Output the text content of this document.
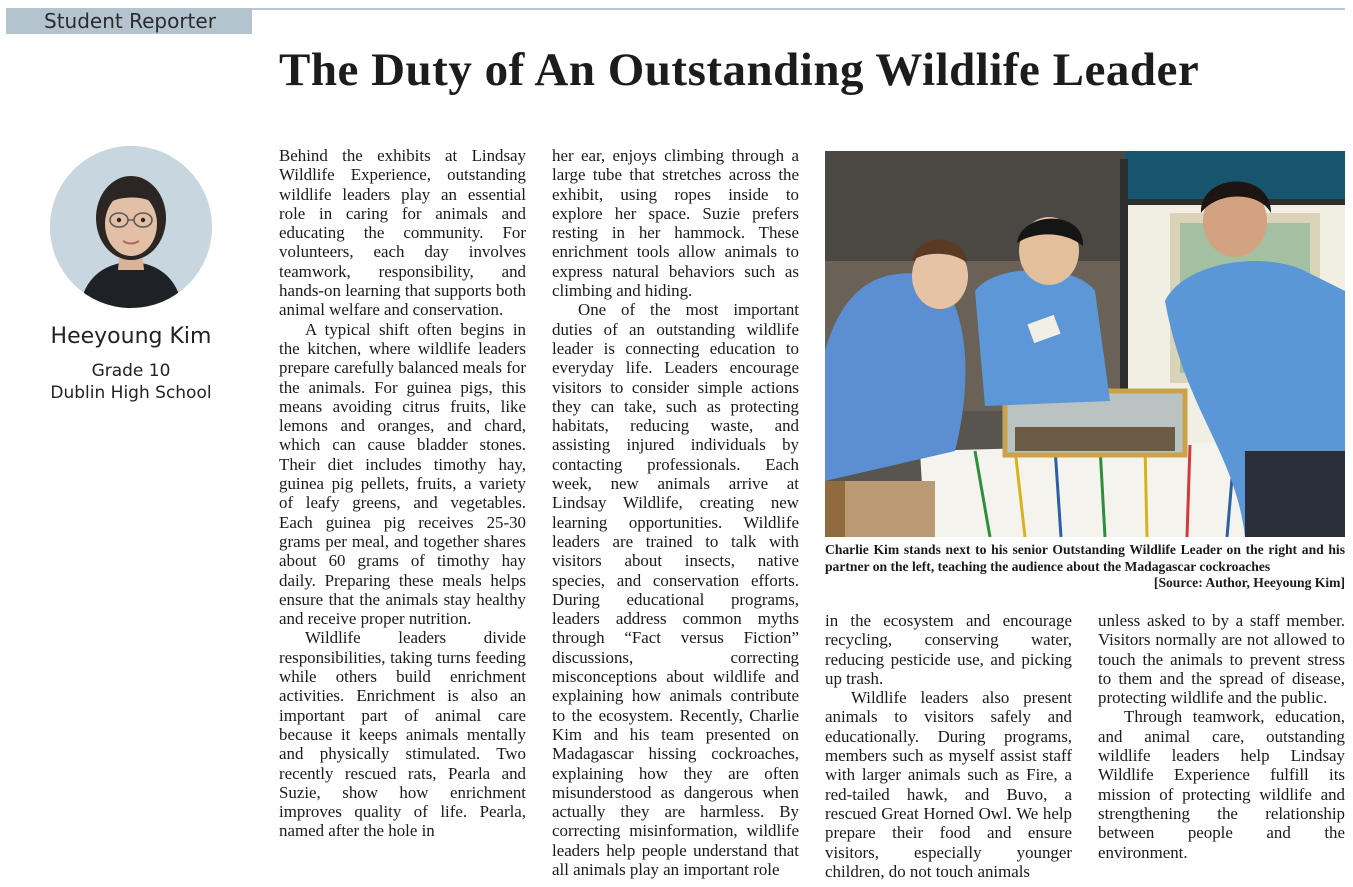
Student Reporter
The Duty of An Outstanding Wildlife Leader
Heeyoung Kim
Grade 10
Dublin High School

Behind the exhibits at Lindsay Wildlife Experience, outstanding wildlife leaders play an essential role in caring for animals and educating the community. For volunteers, each day involves teamwork, responsibility, and hands-on learning that supports both animal welfare and conservation.

A typical shift often begins in the kitchen, where wildlife leaders prepare carefully balanced meals for the animals. For guinea pigs, this means avoiding citrus fruits, like lemons and oranges, and chard, which can cause bladder stones. Their diet includes timothy hay, guinea pig pellets, fruits, a variety of leafy greens, and vegetables. Each guinea pig receives 25-30 grams per meal, and together shares about 60 grams of timothy hay daily. Preparing these meals helps ensure that the animals stay healthy and receive proper nutrition.

Wildlife leaders divide responsibilities, taking turns feeding while others build enrichment activities. Enrichment is also an important part of animal care because it keeps animals mentally and physically stimulated. Two recently rescued rats, Pearla and Suzie, show how enrichment improves quality of life. Pearla, named after the hole in

her ear, enjoys climbing through a large tube that stretches across the exhibit, using ropes inside to explore her space. Suzie prefers resting in her hammock. These enrichment tools allow animals to express natural behaviors such as climbing and hiding.

One of the most important duties of an outstanding wildlife leader is connecting education to everyday life. Leaders encourage visitors to consider simple actions they can take, such as protecting habitats, reducing waste, and assisting injured individuals by contacting professionals. Each week, new animals arrive at Lindsay Wildlife, creating new learning opportunities. Wildlife leaders are trained to talk with visitors about insects, native species, and conservation efforts. During educational programs, leaders address common myths through “Fact versus Fiction” discussions, correcting misconceptions about wildlife and explaining how animals contribute to the ecosystem. Recently, Charlie Kim and his team presented on Madagascar hissing cockroaches, explaining how they are often misunderstood as dangerous when actually they are harmless. By correcting misinformation, wildlife leaders help people understand that all animals play an important role

Charlie Kim stands next to his senior Outstanding Wildlife Leader on the right and his partner on the left, teaching the audience about the Madagascar cockroaches
[Source: Author, Heeyoung Kim]

in the ecosystem and encourage recycling, conserving water, reducing pesticide use, and picking up trash.

Wildlife leaders also present animals to visitors safely and educationally. During programs, members such as myself assist staff with larger animals such as Fire, a red-tailed hawk, and Buvo, a rescued Great Horned Owl. We help prepare their food and ensure visitors, especially younger children, do not touch animals

unless asked to by a staff member. Visitors normally are not allowed to touch the animals to prevent stress to them and the spread of disease, protecting wildlife and the public.

Through teamwork, education, and animal care, outstanding wildlife leaders help Lindsay Wildlife Experience fulfill its mission of protecting wildlife and strengthening the relationship between people and the environment.
